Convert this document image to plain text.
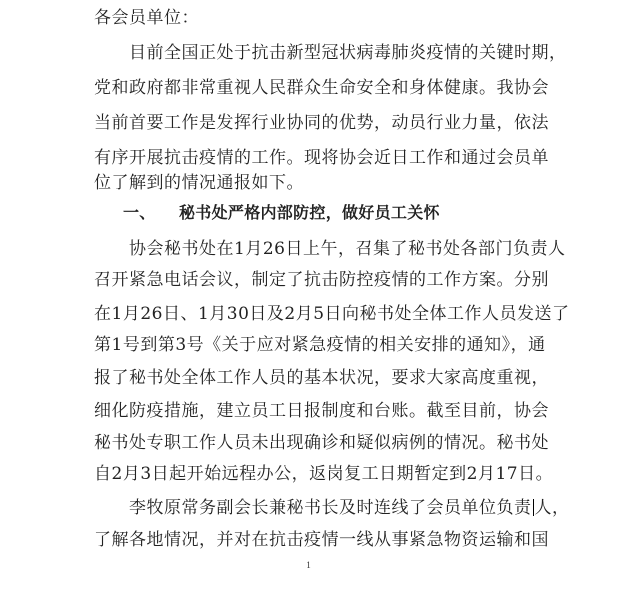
各会员单位：
目前全国正处于抗击新型冠状病毒肺炎疫情的关键时期，
党和政府都非常重视人民群众生命安全和身体健康。我协会
当前首要工作是发挥行业协同的优势，动员行业力量，依法
有序开展抗击疫情的工作。现将协会近日工作和通过会员单
位了解到的情况通报如下。
一、 秘书处严格内部防控，做好员工关怀
协会秘书处在1月26日上午，召集了秘书处各部门负责人
召开紧急电话会议，制定了抗击防控疫情的工作方案。分别
在1月26日、1月30日及2月5日向秘书处全体工作人员发送了
第1号到第3号《关于应对紧急疫情的相关安排的通知》，通
报了秘书处全体工作人员的基本状况，要求大家高度重视，
细化防疫措施，建立员工日报制度和台账。截至目前，协会
秘书处专职工作人员未出现确诊和疑似病例的情况。秘书处
自2月3日起开始远程办公，返岗复工日期暂定到2月17日。
李牧原常务副会长兼秘书长及时连线了会员单位负责 人，
了解各地情况，并对在抗击疫情一线从事紧急物资运输和国
1
